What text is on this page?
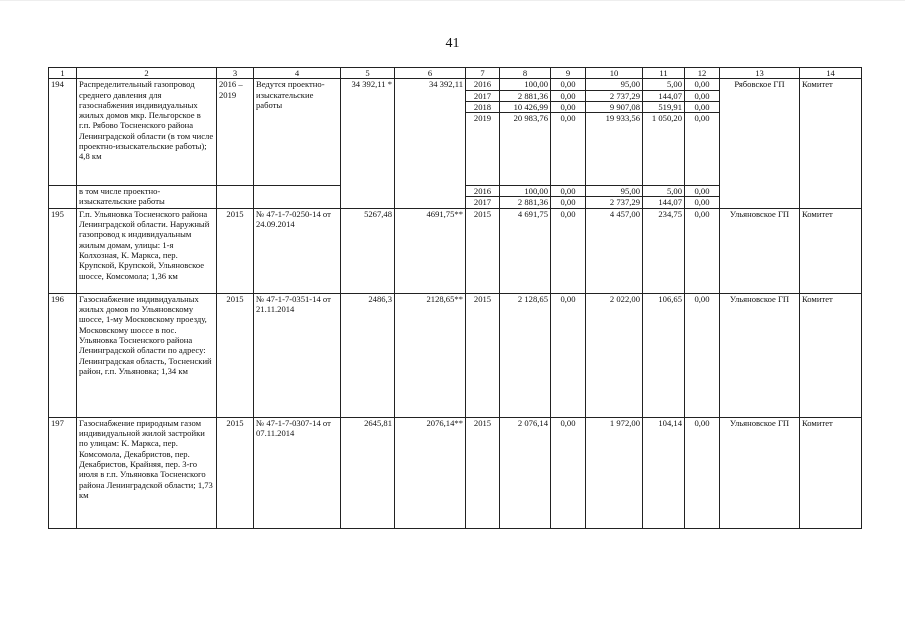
41
1	2	3	4	5	6	7	8	9	10	11	12	13	14
194	Распределительный газопровод среднего давления для газоснабжения индивидуальных жилых домов мкр. Пельгорское в г.п. Рябово Тосненского района Ленинградской области (в том числе проектно-изыскательские работы); 4,8 км	2016 – 2019	Ведутся проектно-изыскательские работы	34 392,11 *	34 392,11	2016	100,00	0,00	95,00	5,00	0,00	Рябовское ГП	Комитет
						2017	2 881,36	0,00	2 737,29	144,07	0,00		
						2018	10 426,99	0,00	9 907,08	519,91	0,00		
						2019	20 983,76	0,00	19 933,56	1 050,20	0,00		
	в том числе проектно-изыскательские работы					2016	100,00	0,00	95,00	5,00	0,00		
						2017	2 881,36	0,00	2 737,29	144,07	0,00		
195	Г.п. Ульяновка Тосненского района Ленинградской области. Наружный газопровод к индивидуальным жилым домам, улицы: 1-я Колхозная, К. Маркса, пер. Крупской, Крупской, Ульяновское шоссе, Комсомола; 1,36 км	2015	№ 47-1-7-0250-14 от 24.09.2014	5267,48	4691,75**	2015	4 691,75	0,00	4 457,00	234,75	0,00	Ульяновское ГП	Комитет
196	Газоснабжение индивидуальных жилых домов по Ульяновскому шоссе, 1-му Московскому проезду, Московскому шоссе в пос. Ульяновка Тосненского района Ленинградской области по адресу: Ленинградская область, Тосненский район, г.п. Ульяновка; 1,34 км	2015	№ 47-1-7-0351-14 от 21.11.2014	2486,3	2128,65**	2015	2 128,65	0,00	2 022,00	106,65	0,00	Ульяновское ГП	Комитет
197	Газоснабжение природным газом индивидуальной жилой застройки по улицам: К. Маркса, пер. Комсомола, Декабристов, пер. Декабристов, Крайняя, пер. 3-го июля в г.п. Ульяновка Тосненского района Ленинградской области; 1,73 км	2015	№ 47-1-7-0307-14 от 07.11.2014	2645,81	2076,14**	2015	2 076,14	0,00	1 972,00	104,14	0,00	Ульяновское ГП	Комитет
